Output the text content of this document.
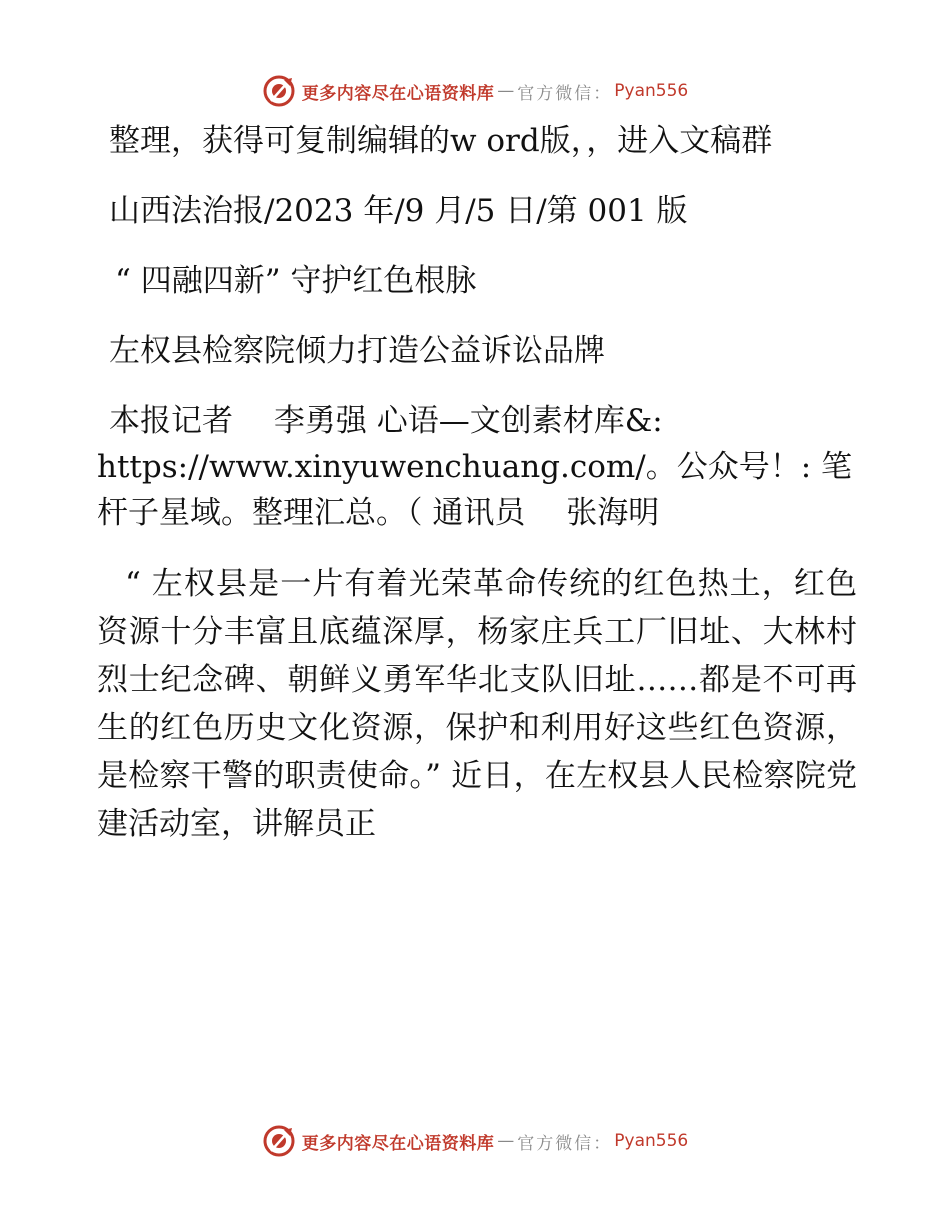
更多内容尽在心语资料库 — 官方微信： Pyan556

整理，获得可复制编辑的w ord版，，进入文稿群

山西法治报/2023 年/9 月/5 日/第 001 版

“ 四融四新” 守护红色根脉

左权县检察院倾力打造公益诉讼品牌

本报记者　 李勇强 心语—文创素材库&: https://www.xinyuwenchuang.com/。公众号！: 笔杆子星域。整理汇总。（ 通讯员　 张海明

“ 左权县是一片有着光荣革命传统的红色热土，红色资源十分丰富且底蕴深厚，杨家庄兵工厂旧址、大林村烈士纪念碑、朝鲜义勇军华北支队旧址……都是不可再生的红色历史文化资源，保护和利用好这些红色资源，是检察干警的职责使命。” 近日，在左权县人民检察院党建活动室，讲解员正

更多内容尽在心语资料库 — 官方微信： Pyan556
